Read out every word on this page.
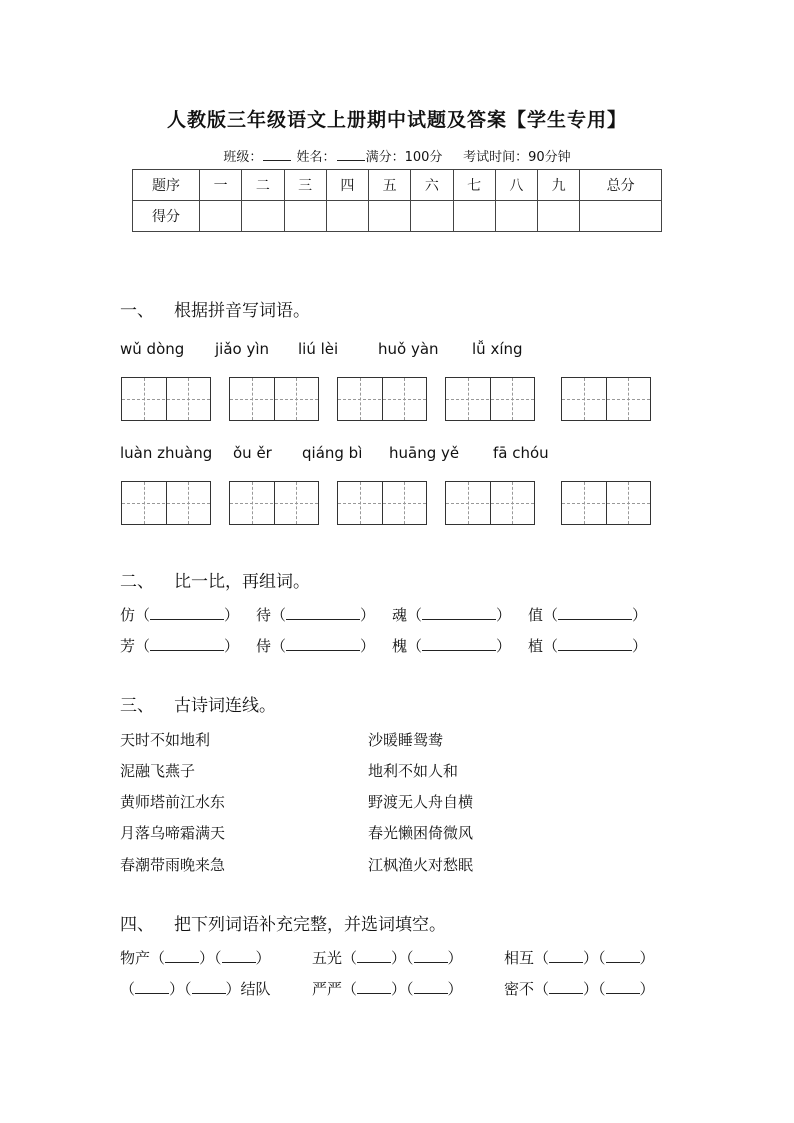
人教版三年级语文上册期中试题及答案【学生专用】
班级：	姓名： 满分：100分 考试时间：90分钟
题序	一	二	三	四	五	六	七	八	九	总分
得分										
一、 根据拼音写词语。
wǔ dòng jiǎo yìn liú lèi	huǒ yàn lǚ xíng
luàn zhuàng ǒu ěr qiáng bì huāng yě fā chóu
二、 比一比，再组词。
仿（	） 待（	） 魂（	） 值（	）
芳（	） 侍（	） 槐（	） 植（	）
三、 古诗词连线。
天时不如地利
泥融飞燕子
黄师塔前江水东
月落乌啼霜满天
春潮带雨晚来急
沙暖睡鸳鸯
地利不如人和
野渡无人舟自横
春光懒困倚微风
江枫渔火对愁眠
四、 把下列词语补充完整，并选词填空。
物产（ ）（ ）	五光（ ）（ ）	相互（ ）（ ）
（ ）（ ）结队	严严（ ）（ ）	密不（ ）（ ）
